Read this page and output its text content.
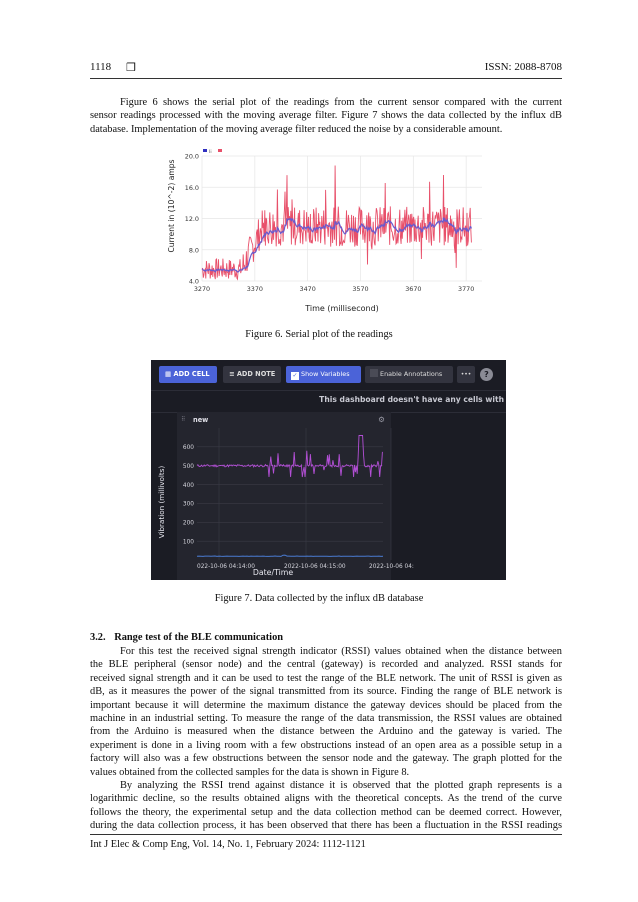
1118 ❒	ISSN: 2088-8708
Figure 6 shows the serial plot of the readings from the current sensor compared with the current
sensor readings processed with the moving average filter. Figure 7 shows the data collected by the influx dB
database. Implementation of the moving average filter reduced the noise by a considerable amount.
4.0
8.0
12.0
16.0
20.0
3270	3370	3470	3570	3670	3770
Ii
Current in (10^-2) amps
Time (millisecond)
Figure 6. Serial plot of the readings
▦ ADD CELL	≡ ADD NOTE	✓ Show Variables	Enable Annotations	•••	?
This dashboard doesn't have any cells with
⠿ new	⚙
100
200
300
400
500
600
022-10-06 04:14:00	2022-10-06 04:15:00	2022-10-06 04:
Vibration (millivolts)
Date/Time
Figure 7. Data collected by the influx dB database
3.2. Range test of the BLE communication
For this test the received signal strength indicator (RSSI) values obtained when the distance between
the BLE peripheral (sensor node) and the central (gateway) is recorded and analyzed. RSSI stands for
received signal strength and it can be used to test the range of the BLE network. The unit of RSSI is given as
dB, as it measures the power of the signal transmitted from its source. Finding the range of BLE network is
important because it will determine the maximum distance the gateway devices should be placed from the
machine in an industrial setting. To measure the range of the data transmission, the RSSI values are obtained
from the Arduino is measured when the distance between the Arduino and the gateway is varied. The
experiment is done in a living room with a few obstructions instead of an open area as a possible setup in a
factory will also was a few obstructions between the sensor node and the gateway. The graph plotted for the
values obtained from the collected samples for the data is shown in Figure 8.
By analyzing the RSSI trend against distance it is observed that the plotted graph represents is a
logarithmic decline, so the results obtained aligns with the theoretical concepts. As the trend of the curve
follows the theory, the experimental setup and the data collection method can be deemed correct. However,
during the data collection process, it has been observed that there has been a fluctuation in the RSSI readings
Int J Elec & Comp Eng, Vol. 14, No. 1, February 2024: 1112-1121
